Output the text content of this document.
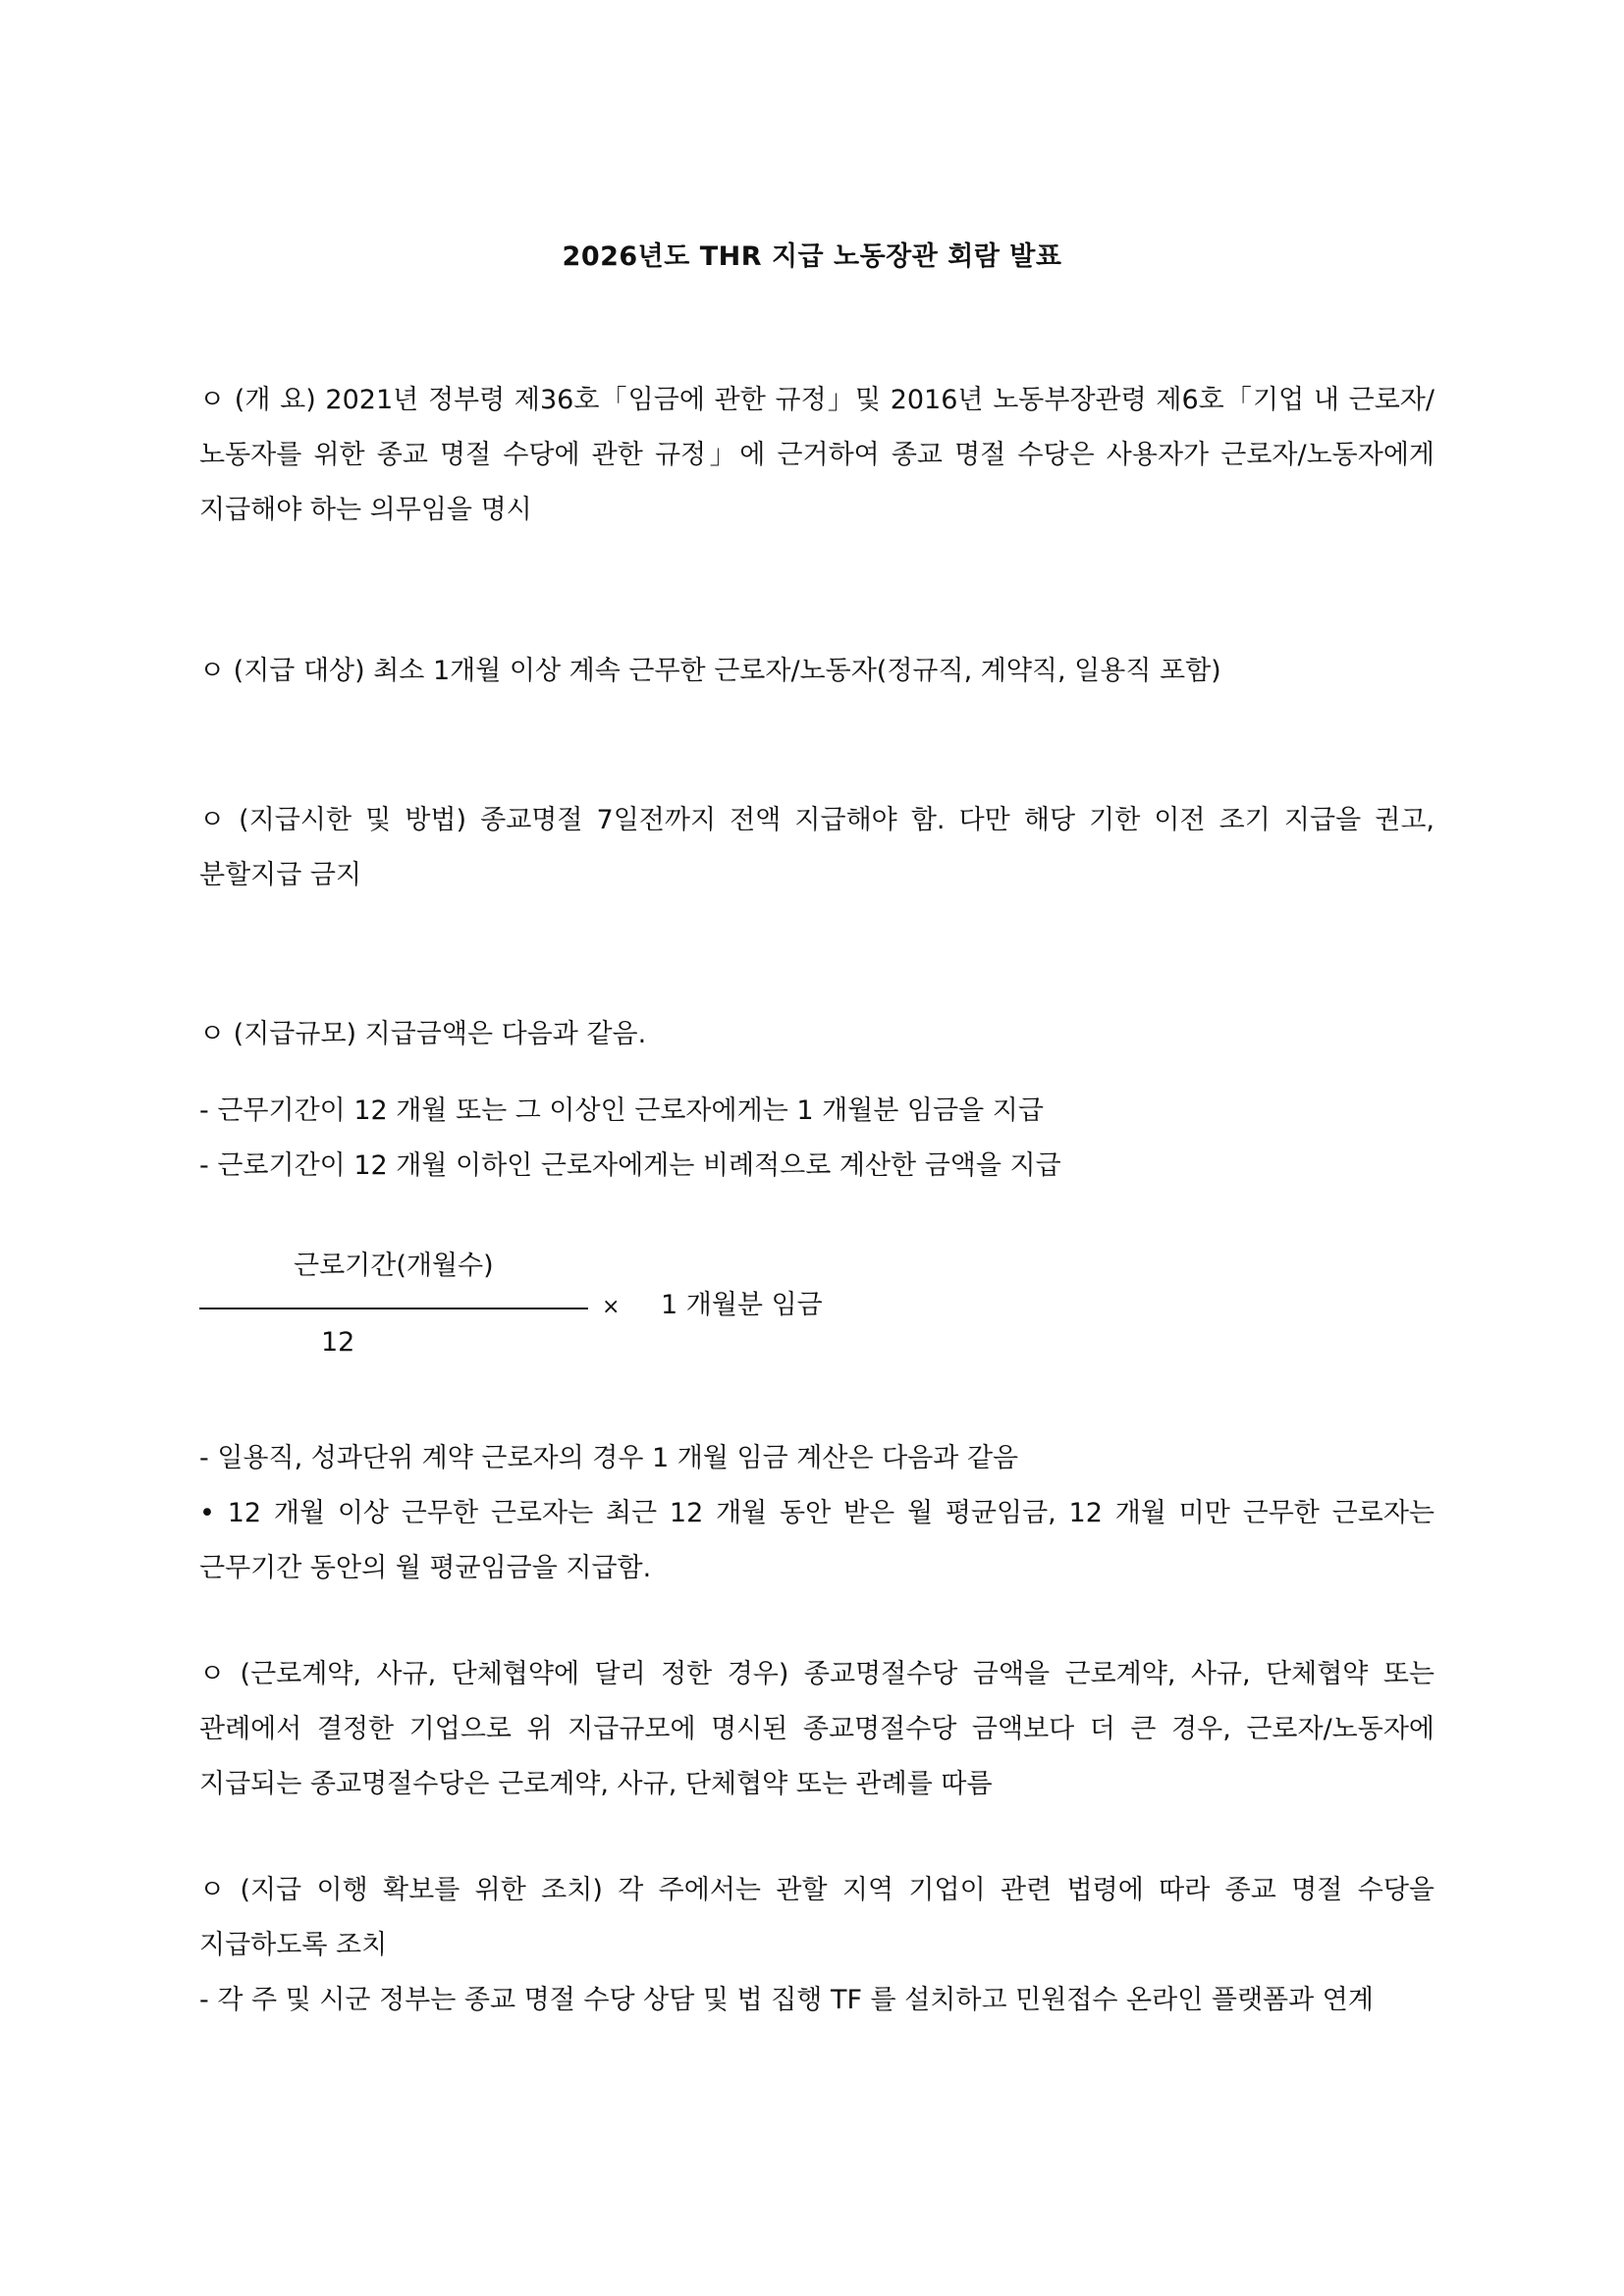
2026년도 THR 지급 노동장관 회람 발표

ㅇ (개 요) 2021년 정부령 제36호「임금에 관한 규정」및 2016년 노동부장관령 제6호「기업 내 근로자/노동자를 위한 종교 명절 수당에 관한 규정」에 근거하여 종교 명절 수당은 사용자가 근로자/노동자에게 지급해야 하는 의무임을 명시

ㅇ (지급 대상) 최소 1개월 이상 계속 근무한 근로자/노동자(정규직, 계약직, 일용직 포함)

ㅇ (지급시한 및 방법) 종교명절 7일전까지 전액 지급해야 함. 다만 해당 기한 이전 조기 지급을 권고, 분할지급 금지

ㅇ (지급규모) 지급금액은 다음과 같음.

- 근무기간이 12 개월 또는 그 이상인 근로자에게는 1 개월분 임금을 지급

- 근로기간이 12 개월 이하인 근로자에게는 비례적으로 계산한 금액을 지급

근로기간(개월수)
12
× 1 개월분 임금

- 일용직, 성과단위 계약 근로자의 경우 1 개월 임금 계산은 다음과 같음

• 12 개월 이상 근무한 근로자는 최근 12 개월 동안 받은 월 평균임금, 12 개월 미만 근무한 근로자는 근무기간 동안의 월 평균임금을 지급함.

ㅇ (근로계약, 사규, 단체협약에 달리 정한 경우) 종교명절수당 금액을 근로계약, 사규, 단체협약 또는 관례에서 결정한 기업으로 위 지급규모에 명시된 종교명절수당 금액보다 더 큰 경우, 근로자/노동자에 지급되는 종교명절수당은 근로계약, 사규, 단체협약 또는 관례를 따름

ㅇ (지급 이행 확보를 위한 조치) 각 주에서는 관할 지역 기업이 관련 법령에 따라 종교 명절 수당을 지급하도록 조치

- 각 주 및 시군 정부는 종교 명절 수당 상담 및 법 집행 TF 를 설치하고 민원접수 온라인 플랫폼과 연계
